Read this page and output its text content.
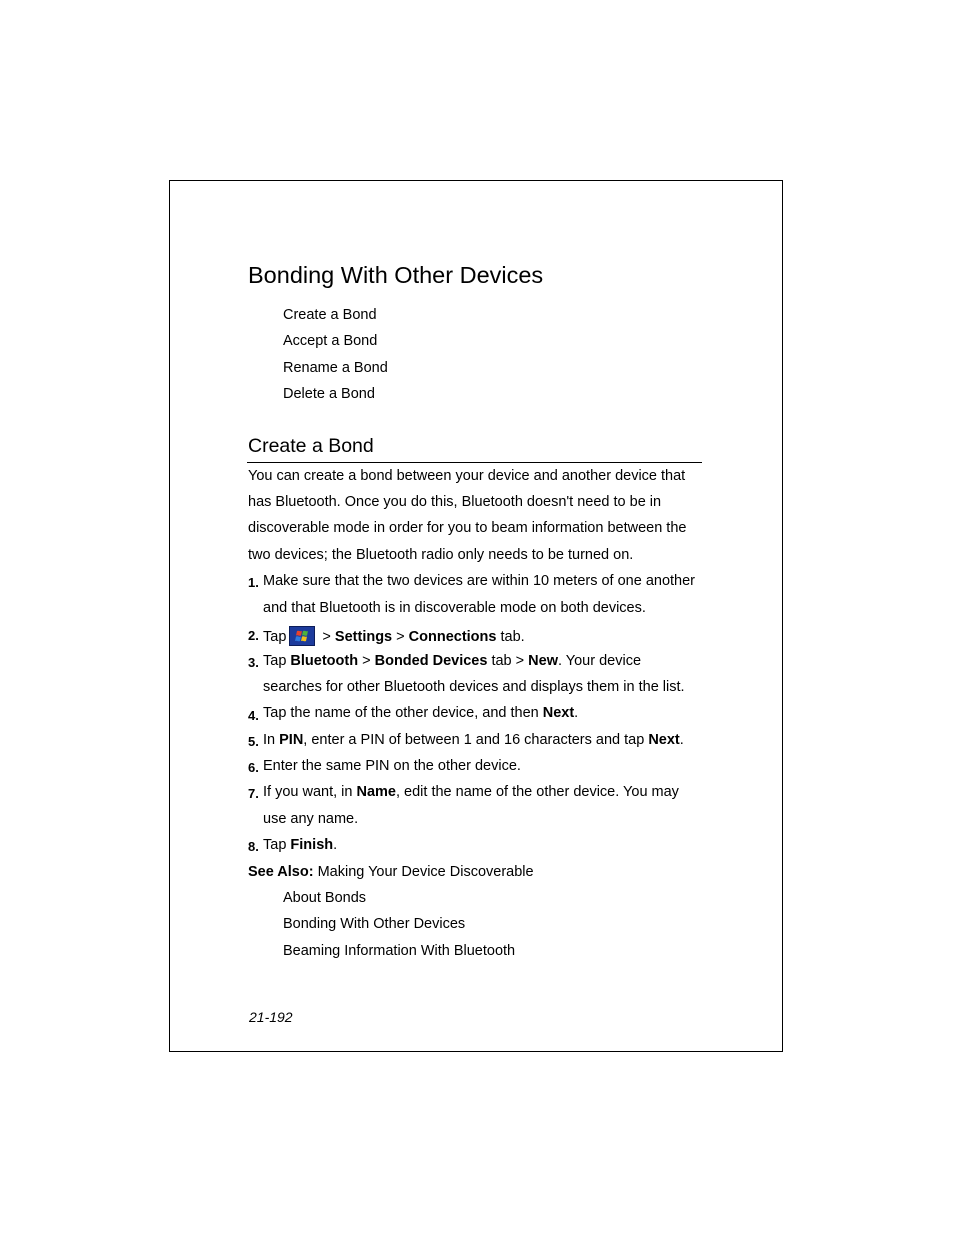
Bonding With Other Devices
Create a Bond
Accept a Bond
Rename a Bond
Delete a Bond
Create a Bond
You can create a bond between your device and another device that
has Bluetooth. Once you do this, Bluetooth doesn't need to be in
discoverable mode in order for you to beam information between the
two devices; the Bluetooth radio only needs to be turned on.
1. Make sure that the two devices are within 10 meters of one another
and that Bluetooth is in discoverable mode on both devices.
2. Tap > Settings > Connections tab.
3. Tap Bluetooth > Bonded Devices tab > New. Your device
searches for other Bluetooth devices and displays them in the list.
4. Tap the name of the other device, and then Next.
5. In PIN, enter a PIN of between 1 and 16 characters and tap Next.
6. Enter the same PIN on the other device.
7. If you want, in Name, edit the name of the other device. You may
use any name.
8. Tap Finish.
See Also: Making Your Device Discoverable
About Bonds
Bonding With Other Devices
Beaming Information With Bluetooth
21-192
